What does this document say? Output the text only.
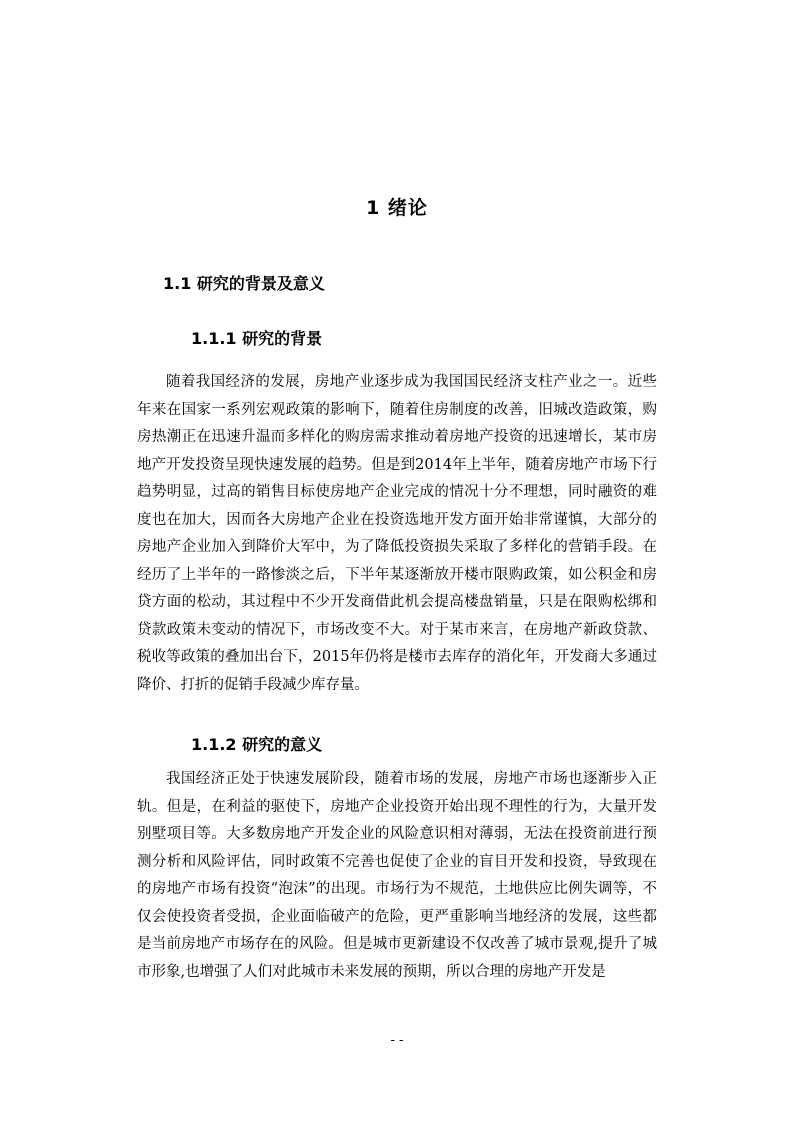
1 绪论
1.1 研究的背景及意义
1.1.1 研究的背景

随着我国经济的发展，房地产业逐步成为我国国民经济支柱产业之一。近些年来在国家一系列宏观政策的影响下，随着住房制度的改善，旧城改造政策，购房热潮正在迅速升温而多样化的购房需求推动着房地产投资的迅速增长，某市房地产开发投资呈现快速发展的趋势。但是到2014年上半年，随着房地产市场下行趋势明显，过高的销售目标使房地产企业完成的情况十分不理想，同时融资的难度也在加大，因而各大房地产企业在投资选地开发方面开始非常谨慎，大部分的房地产企业加入到降价大军中，为了降低投资损失采取了多样化的营销手段。在经历了上半年的一路惨淡之后，下半年某逐渐放开楼市限购政策，如公积金和房贷方面的松动，其过程中不少开发商借此机会提高楼盘销量，只是在限购松绑和贷款政策未变动的情况下，市场改变不大。对于某市来言，在房地产新政贷款、税收等政策的叠加出台下，2015年仍将是楼市去库存的消化年，开发商大多通过降价、打折的促销手段减少库存量。

1.1.2 研究的意义

我国经济正处于快速发展阶段，随着市场的发展，房地产市场也逐渐步入正轨。但是，在利益的驱使下，房地产企业投资开始出现不理性的行为，大量开发别墅项目等。大多数房地产开发企业的风险意识相对薄弱，无法在投资前进行预测分析和风险评估，同时政策不完善也促使了企业的盲目开发和投资，导致现在的房地产市场有投资“泡沫”的出现。市场行为不规范，土地供应比例失调等，不仅会使投资者受损，企业面临破产的危险，更严重影响当地经济的发展，这些都是当前房地产市场存在的风险。但是城市更新建设不仅改善了城市景观,提升了城市形象,也增强了人们对此城市未来发展的预期，所以合理的房地产开发是

- -
